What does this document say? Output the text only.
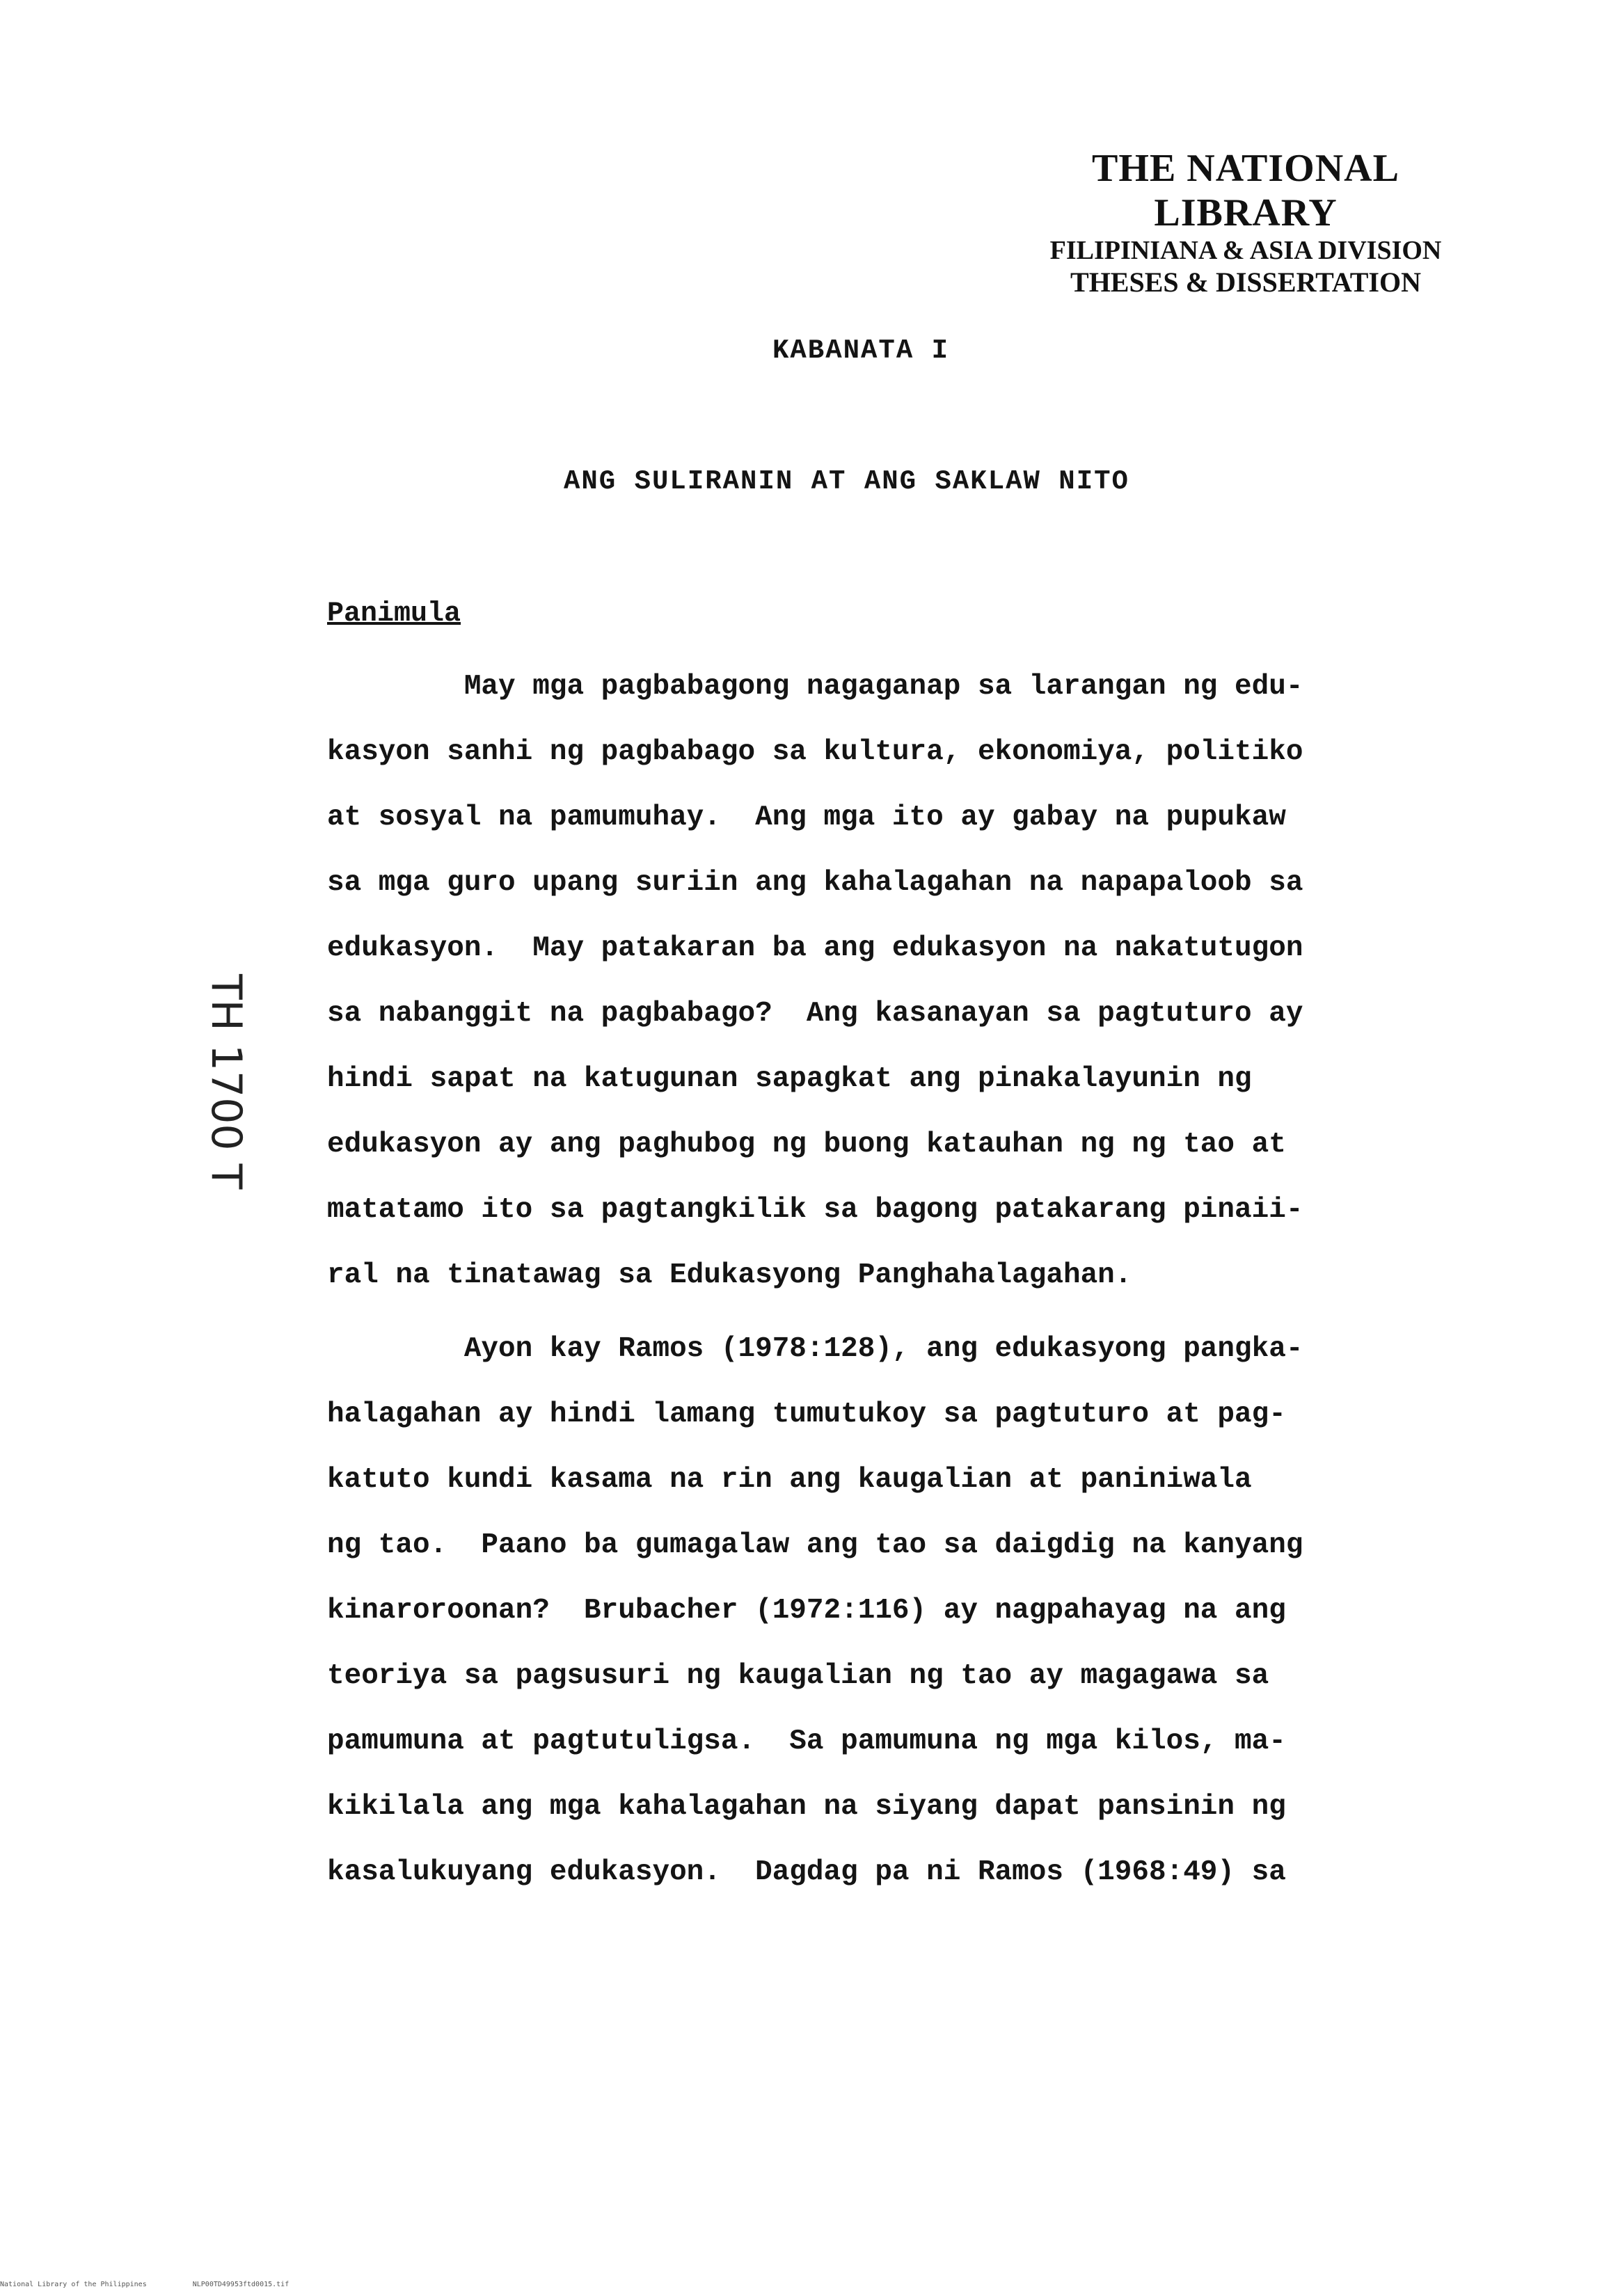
THE NATIONAL LIBRARY
FILIPINIANA & ASIA DIVISION
THESES & DISSERTATION
KABANATA I
ANG SULIRANIN AT ANG SAKLAW NITO
Panimula
TH 1700 T
May mga pagbabagong nagaganap sa larangan ng edu-
kasyon sanhi ng pagbabago sa kultura, ekonomiya, politiko
at sosyal na pamumuhay.  Ang mga ito ay gabay na pupukaw
sa mga guro upang suriin ang kahalagahan na napapaloob sa
edukasyon.  May patakaran ba ang edukasyon na nakatutugon
sa nabanggit na pagbabago?  Ang kasanayan sa pagtuturo ay
hindi sapat na katugunan sapagkat ang pinakalayunin ng
edukasyon ay ang paghubog ng buong katauhan ng ng tao at
matatamo ito sa pagtangkilik sa bagong patakarang pinaii-
ral na tinatawag sa Edukasyong Panghahalagahan.
Ayon kay Ramos (1978:128), ang edukasyong pangka-
halagahan ay hindi lamang tumutukoy sa pagtuturo at pag-
katuto kundi kasama na rin ang kaugalian at paniniwala
ng tao.  Paano ba gumagalaw ang tao sa daigdig na kanyang
kinaroroonan?  Brubacher (1972:116) ay nagpahayag na ang
teoriya sa pagsusuri ng kaugalian ng tao ay magagawa sa
pamumuna at pagtutuligsa.  Sa pamumuna ng mga kilos, ma-
kikilala ang mga kahalagahan na siyang dapat pansinin ng
kasalukuyang edukasyon.  Dagdag pa ni Ramos (1968:49) sa
National Library of the Philippines	NLP00TD49953ftd0015.tif
